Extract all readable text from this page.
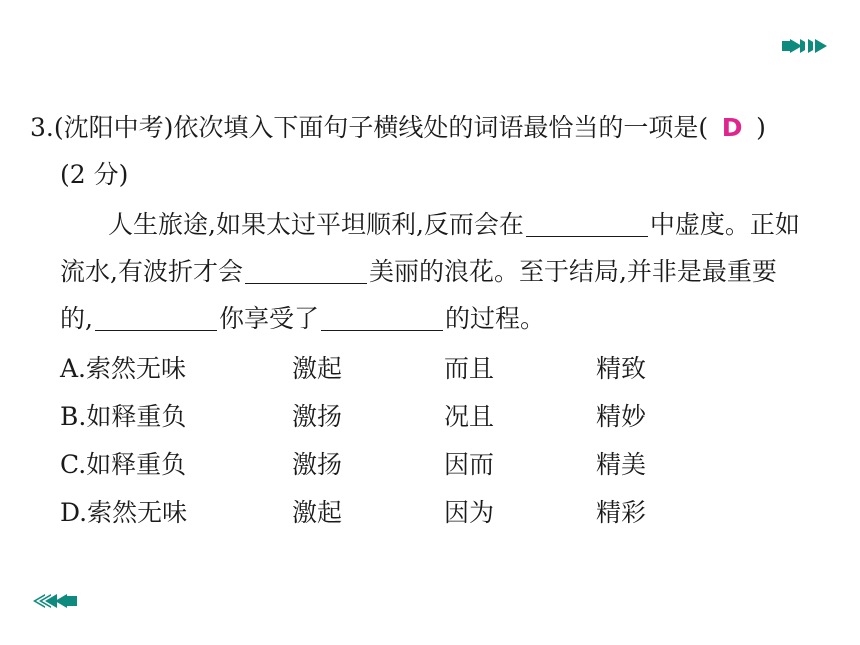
3.(沈阳中考)依次填入下面句子横线处的词语最恰当的一项是( D )
(2 分)
人生旅途,如果太过平坦顺利,反而会在	中虚度。正如
流水,有波折才会	美丽的浪花。至于结局,并非是最重要
的,	你享受了	的过程。
A.索然无味	激起	而且	精致
B.如释重负	激扬	况且	精妙
C.如释重负	激扬	因而	精美
D.索然无味	激起	因为	精彩
